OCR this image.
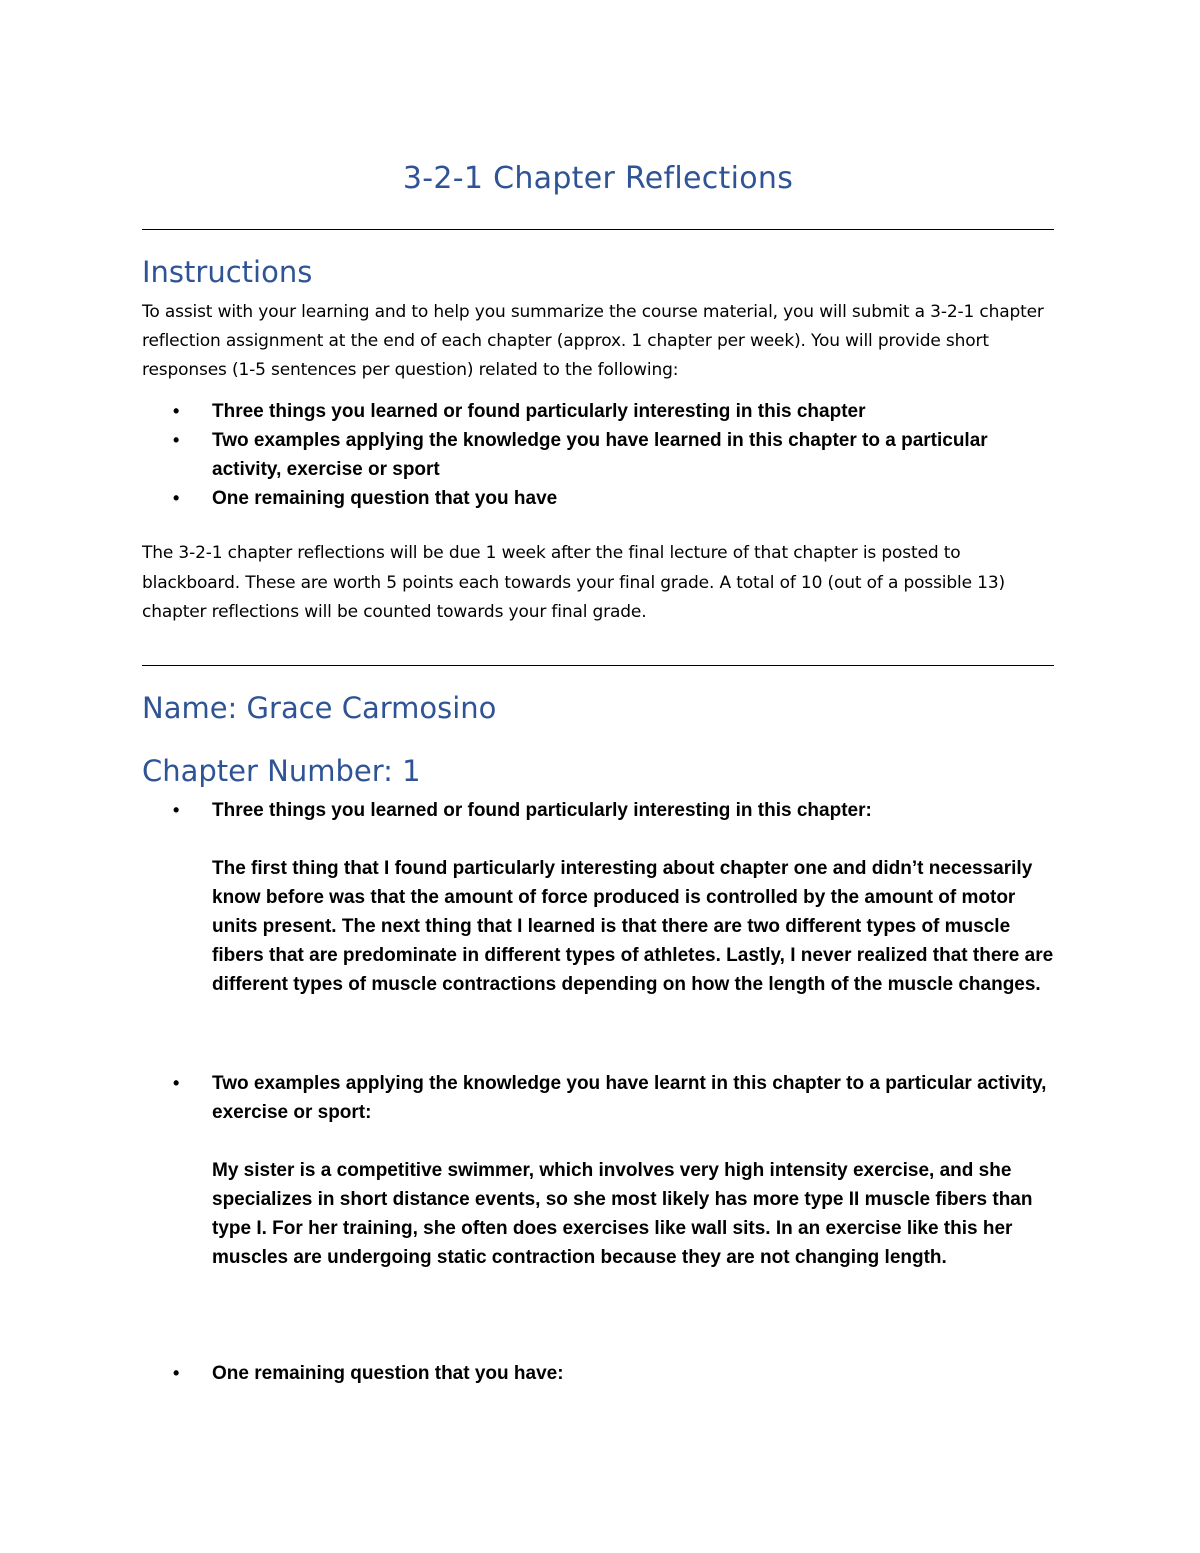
3-2-1 Chapter Reflections
Instructions

To assist with your learning and to help you summarize the course material, you will submit a 3-2-1 chapter reflection assignment at the end of each chapter (approx. 1 chapter per week). You will provide short responses (1-5 sentences per question) related to the following:

• Three things you learned or found particularly interesting in this chapter
• Two examples applying the knowledge you have learned in this chapter to a particular activity, exercise or sport
• One remaining question that you have

The 3-2-1 chapter reflections will be due 1 week after the final lecture of that chapter is posted to blackboard. These are worth 5 points each towards your final grade. A total of 10 (out of a possible 13) chapter reflections will be counted towards your final grade.

Name: Grace Carmosino
Chapter Number: 1

• Three things you learned or found particularly interesting in this chapter:

The first thing that I found particularly interesting about chapter one and didn’t necessarily know before was that the amount of force produced is controlled by the amount of motor units present. The next thing that I learned is that there are two different types of muscle fibers that are predominate in different types of athletes. Lastly, I never realized that there are different types of muscle contractions depending on how the length of the muscle changes.

• Two examples applying the knowledge you have learnt in this chapter to a particular activity, exercise or sport:

My sister is a competitive swimmer, which involves very high intensity exercise, and she specializes in short distance events, so she most likely has more type II muscle fibers than type I. For her training, she often does exercises like wall sits. In an exercise like this her muscles are undergoing static contraction because they are not changing length.

• One remaining question that you have:
